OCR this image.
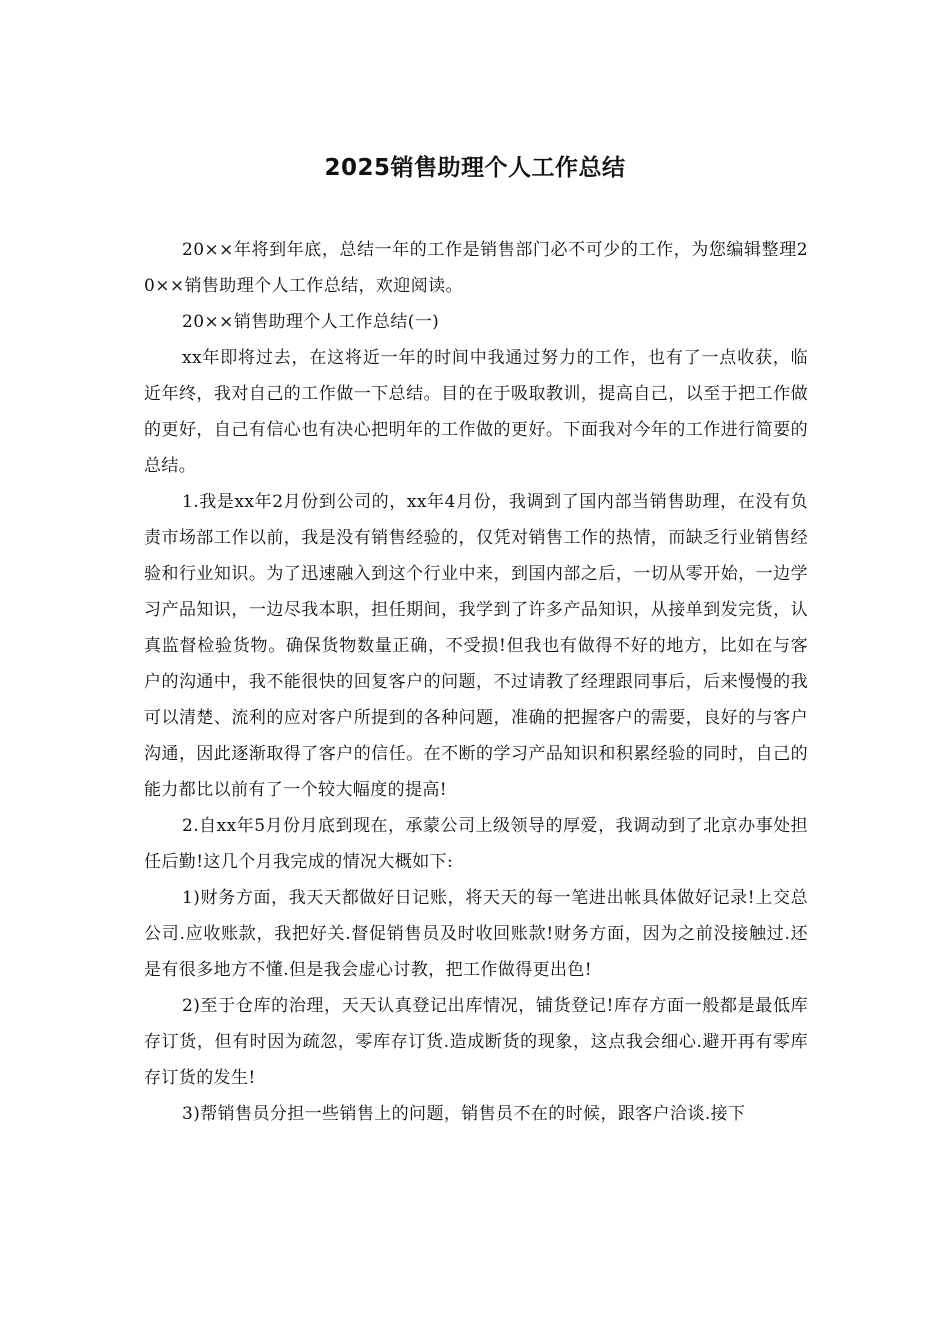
2025销售助理个人工作总结

20××年将到年底，总结一年的工作是销售部门必不可少的工作，为您编辑整理20××销售助理个人工作总结，欢迎阅读。

20××销售助理个人工作总结(一)

xx年即将过去，在这将近一年的时间中我通过努力的工作，也有了一点收获，临近年终，我对自己的工作做一下总结。目的在于吸取教训，提高自己，以至于把工作做的更好，自己有信心也有决心把明年的工作做的更好。下面我对今年的工作进行简要的总结。

1.我是xx年2月份到公司的，xx年4月份，我调到了国内部当销售助理，在没有负责市场部工作以前，我是没有销售经验的，仅凭对销售工作的热情，而缺乏行业销售经验和行业知识。为了迅速融入到这个行业中来，到国内部之后，一切从零开始，一边学习产品知识，一边尽我本职，担任期间，我学到了许多产品知识，从接单到发完货，认真监督检验货物。确保货物数量正确，不受损!但我也有做得不好的地方，比如在与客户的沟通中，我不能很快的回复客户的问题，不过请教了经理跟同事后，后来慢慢的我可以清楚、流利的应对客户所提到的各种问题，准确的把握客户的需要，良好的与客户沟通，因此逐渐取得了客户的信任。在不断的学习产品知识和积累经验的同时，自己的能力都比以前有了一个较大幅度的提高!

2.自xx年5月份月底到现在，承蒙公司上级领导的厚爱，我调动到了北京办事处担任后勤!这几个月我完成的情况大概如下:

1)财务方面，我天天都做好日记账，将天天的每一笔进出帐具体做好记录!上交总公司.应收账款，我把好关.督促销售员及时收回账款!财务方面，因为之前没接触过.还是有很多地方不懂.但是我会虚心讨教，把工作做得更出色!

2)至于仓库的治理，天天认真登记出库情况，铺货登记!库存方面一般都是最低库存订货，但有时因为疏忽，零库存订货.造成断货的现象，这点我会细心.避开再有零库存订货的发生!

3)帮销售员分担一些销售上的问题，销售员不在的时候，跟客户洽谈.接下
